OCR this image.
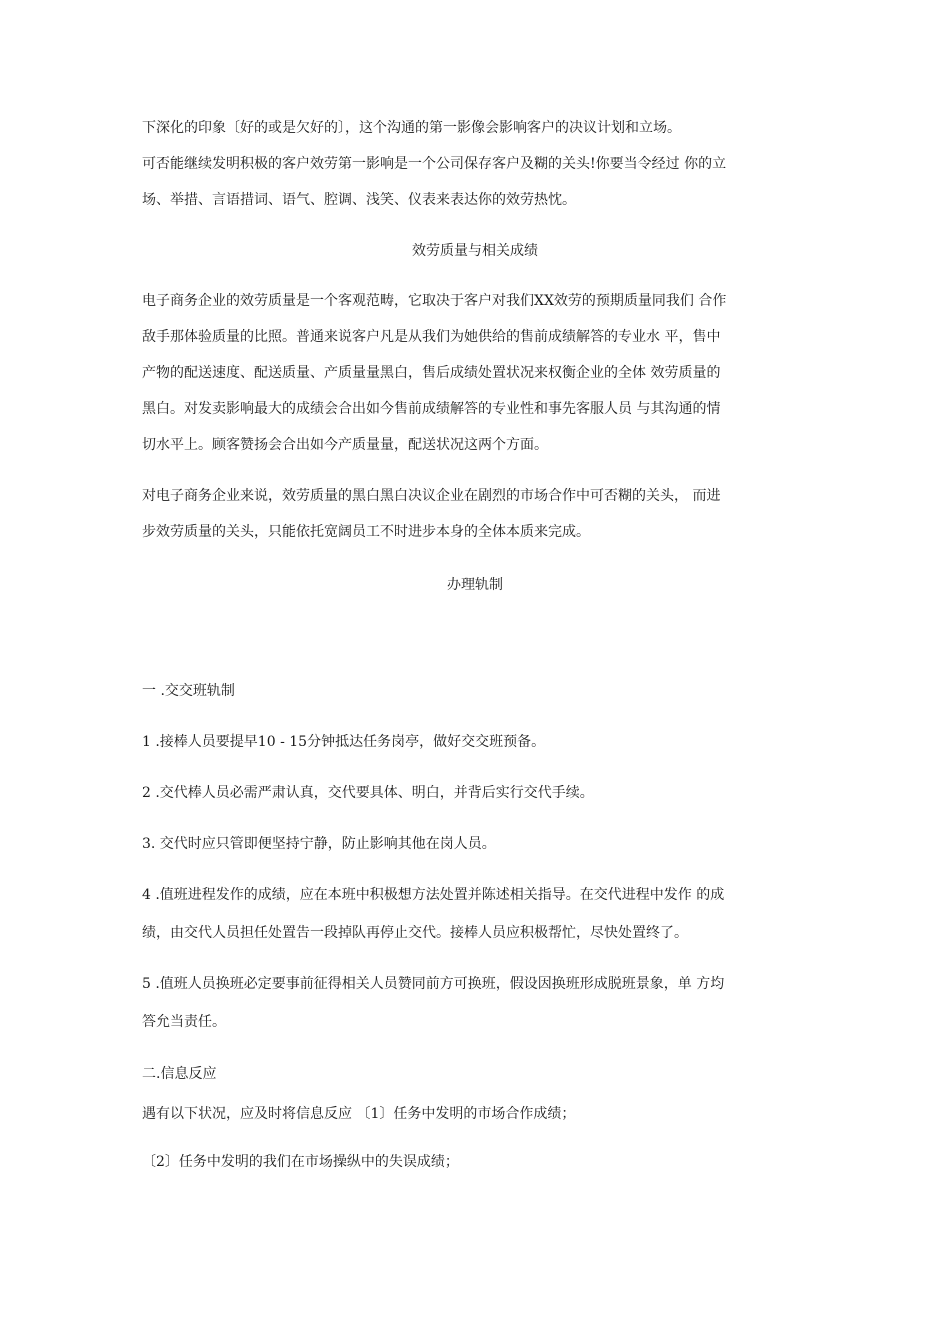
下深化的印象〔好的或是欠好的〕，这个沟通的第一影像会影响客户的决议计划和立场。
可否能继续发明积极的客户效劳第一影响是一个公司保存客户及糊的关头!你要当令经过 你的立
场、举措、言语措词、语气、腔调、浅笑、仪表来表达你的效劳热忱。
效劳质量与相关成绩
电子商务企业的效劳质量是一个客观范畴，它取决于客户对我们XX效劳的预期质量同我们 合作
敌手那体验质量的比照。普通来说客户凡是从我们为她供给的售前成绩解答的专业水 平，售中
产物的配送速度、配送质量、产质量量黑白，售后成绩处置状况来权衡企业的全体 效劳质量的
黑白。对发卖影响最大的成绩会合出如今售前成绩解答的专业性和事先客服人员 与其沟通的情
切水平上。顾客赞扬会合出如今产质量量，配送状况这两个方面。
对电子商务企业来说，效劳质量的黑白黑白决议企业在剧烈的市场合作中可否糊的关头， 而进
步效劳质量的关头，只能依托宽阔员工不时进步本身的全体本质来完成。
办理轨制
一 .交交班轨制
1 .接棒人员要提早10 - 15分钟抵达任务岗亭，做好交交班预备。
2 .交代棒人员必需严肃认真，交代要具体、明白，并背后实行交代手续。
3. 交代时应只管即便坚持宁静，防止影响其他在岗人员。
4 .值班进程发作的成绩，应在本班中积极想方法处置并陈述相关指导。在交代进程中发作 的成
绩，由交代人员担任处置告一段掉队再停止交代。接棒人员应积极帮忙，尽快处置终了。
5 .值班人员换班必定要事前征得相关人员赞同前方可换班，假设因换班形成脱班景象，单 方均
答允当责任。
二.信息反应
遇有以下状况，应及时将信息反应 〔1〕任务中发明的市场合作成绩；
〔2〕任务中发明的我们在市场操纵中的失误成绩；
